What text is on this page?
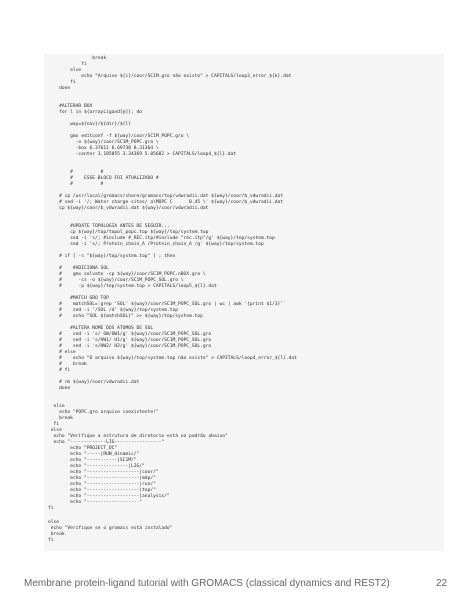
break
fi
else
echo "Arquivo ${i}/coor/SC1M.gro não existe" > CAPITALS/loop3_error_${k}.dat
fi
done
#ALTERAR BOX
for l in ${arrayLigand[@]}; do
way=${nav}/${dir}/${l}
gmx editconf -f ${way}/coor/SC1M_POPC.gro \
-o ${way}/coor/SC1M_POPC.gro \
-box 6.37611 6.69738 8.31364 \
-center 3.185055 3.34369 5.05682 > CAPITALS/loop4_${l}.dat
#          #
#    ESSE BLOCO FOI ATUALIZADO #
#          #
# cp /usr/local/gromacs/share/gromacs/top/vdwradii.dat ${way}/coor/b_vdwradii.dat
# sed -i '/; Water charge sites/ a\MOPC C      0.45 \' ${way}/coor/b_vdwradii.dat
cp ${way}/coor/b_vdwradii.dat ${way}/coor/vdwradii.dat
#UPDATE TOPOLOGIA ANTES DE SEGUIR...
cp ${way}/top/topol_popc.top ${way}/top/system.top
sed -i 's/; #include #_REC.itp/#include "rec.itp"/g' ${way}/top/system.top
sed -i 's/; Protein_chain_A /Protein_chain_A /g' ${way}/top/system.top
# if [ -s "${way}/top/system.top" ] ; then
#    #ADICIONA SOL
#    gmx solvate -cp ${way}/coor/SC1M_POPC.nBOX.gro \
#      -cs -o ${way}/coor/SC1M_POPC_SOL.gro \
#      -p ${way}/top/system.top > CAPITALS/loop5_${l}.dat
#MATCH GRO TOP
#    matchSOL=`grep 'SOL' ${way}/coor/SC1M_POPC_SOL.gro | wc | awk '{print $1/3}'`
#    sed -i '/SOL /d' ${way}/top/system.top
#    echo "SOL ${matchSOL}" >> ${way}/top/system.top
#ALTERA NOME DOS ATOMOS DE SOL
#    sed -i 's/ OW/OW1/g' ${way}/coor/SC1M_POPC_SOL.gro
#    sed -i 's/HW1/ H1/g' ${way}/coor/SC1M_POPC_SOL.gro
#    sed -i 's/HW2/ H2/g' ${way}/coor/SC1M_POPC_SOL.gro
# else
#    echo "O arquivo ${way}/top/system.top não existe" > CAPITALS/loop4_error_${l}.dat
#    break
# fi
# rm ${way}/coor/vdwradii.dat
done
else
echo "POPC.gro arquivo inexistente!"
break
fi
else
echo "Verifique a estrutura de diretorio está no padrão abaixo"
echo "-------------LIG-----------------"
echo "PROJECT_DC"
echo "-----|RUN_dinamic/"
echo "-----------|SC1M/"
echo "---------------|LIG/"
echo "-------------------|coor/"
echo "-------------------|mdp/"
echo "-------------------|run/"
echo "-------------------|top/"
echo "-------------------|analysis/"
echo "-------------------"
fi
else
echo "Verifique se o gromacs está instalado"
break
fi
Membrane protein-ligand tutorial with GROMACS (classical dynamics and REST2)	22
